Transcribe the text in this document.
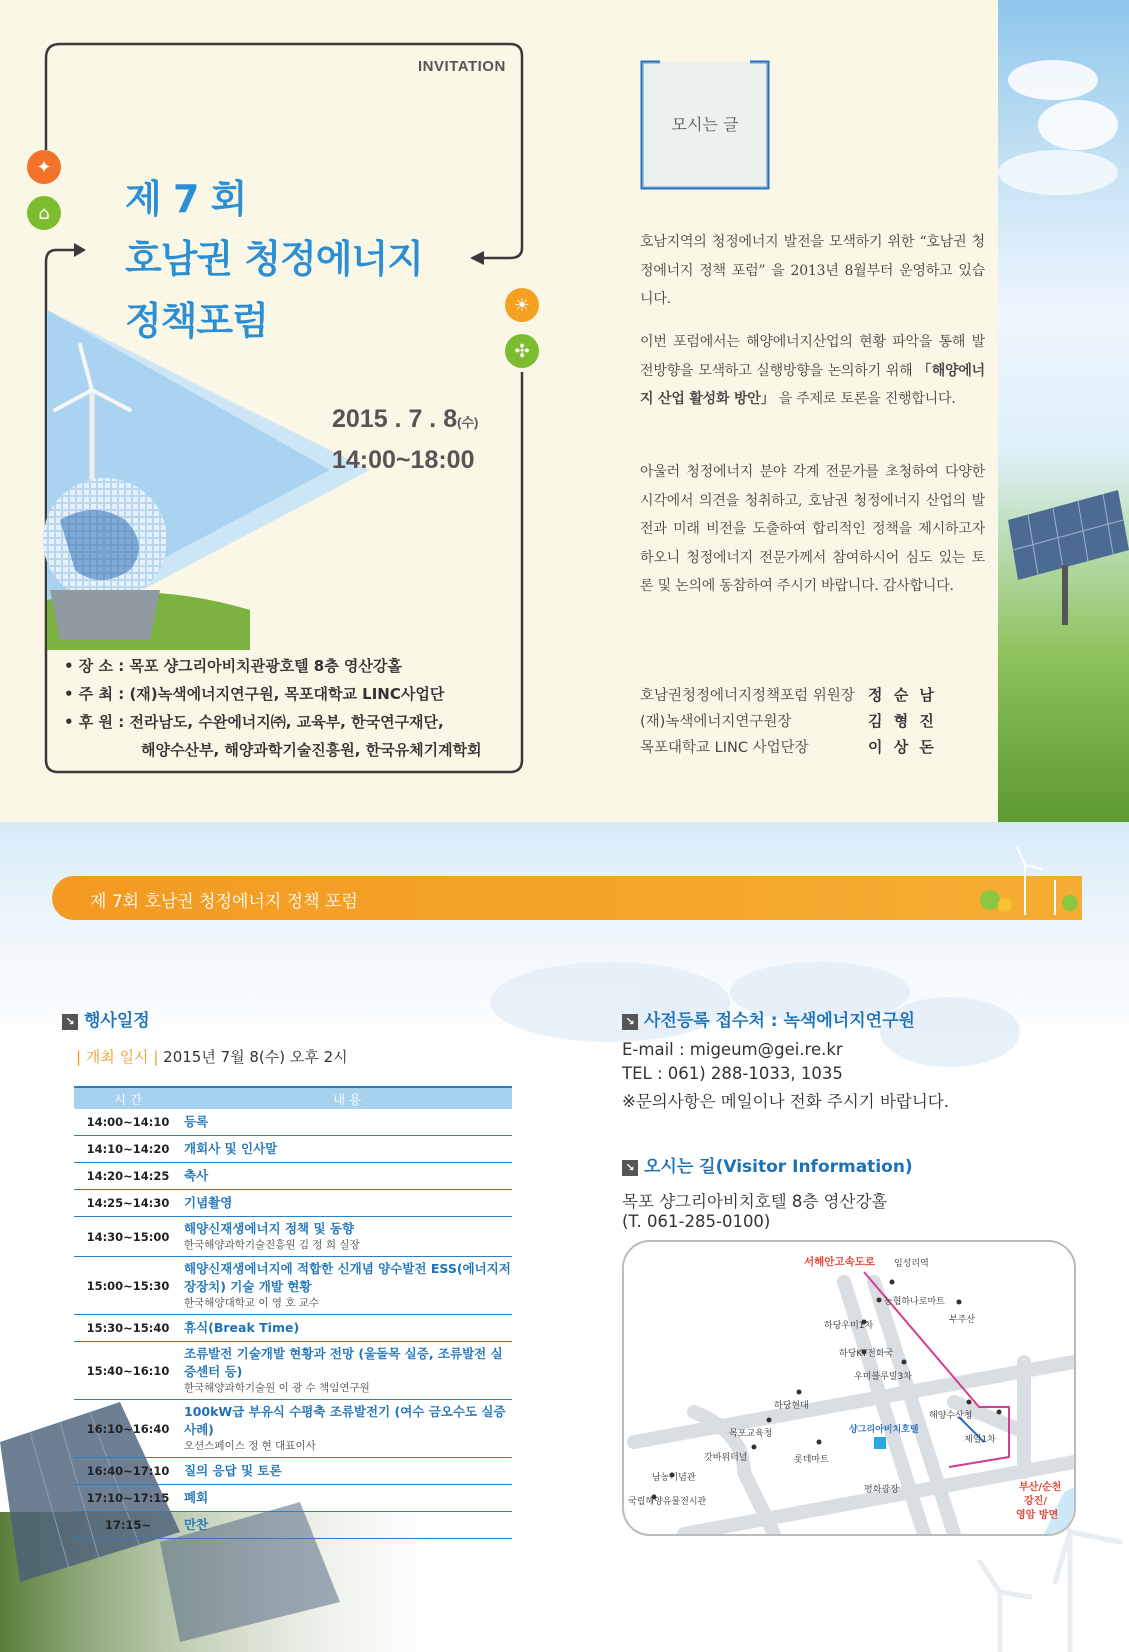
✦
⌂
☀
✣
INVITATION
제 7 회
호남권 청정에너지
정책포럼
2015 . 7 . 8(수)
14:00~18:00
• 장 소 : 목포 샹그리아비치관광호텔 8층 영산강홀
• 주 최 : (재)녹색에너지연구원, 목포대학교 LINC사업단
• 후 원 : 전라남도, 수완에너지㈜, 교육부, 한국연구재단,
해양수산부, 해양과학기술진흥원, 한국유체기계학회
모시는 글
호남지역의 청정에너지 발전을 모색하기 위한 “호남권 청정에너지 정책 포럼” 을 2013년 8월부터 운영하고 있습니다.
이번 포럼에서는 해양에너지산업의 현황 파악을 통해 발전방향을 모색하고 실행방향을 논의하기 위해 「해양에너지 산업 활성화 방안」 을 주제로 토론을 진행합니다.
아울러 청정에너지 분야 각계 전문가를 초청하여 다양한 시각에서 의견을 청취하고, 호남권 청정에너지 산업의 발전과 미래 비전을 도출하여 합리적인 정책을 제시하고자 하오니 청정에너지 전문가께서 참여하시어 심도 있는 토론 및 논의에 동참하여 주시기 바랍니다. 감사합니다.
호남권청정에너지정책포럼 위원장 정 순 남
(재)녹색에너지연구원장	김 형 진
목포대학교 LINC 사업단장	이 상 돈
제 7회 호남권 청정에너지 정책 포럼
↘ 행사일정
| 개최 일시 | 2015년 7월 8(수) 오후 2시
시 간	내 용
14:00~14:10	등록
14:10~14:20	개회사 및 인사말
14:20~14:25	축사
14:25~14:30	기념촬영
14:30~15:00	해양신재생에너지 정책 및 동향
한국해양과학기술진흥원 김 정 희 실장

15:00~15:30	해양신재생에너지에 적합한 신개념 양수발전 ESS(에너지저장장치) 기술 개발 현황
한국해양대학교 이 영 호 교수

15:30~15:40	휴식(Break Time)
15:40~16:10	조류발전 기술개발 현황과 전망 (울돌목 실증, 조류발전 실증센터 등)
한국해양과학기술원 이 광 수 책임연구원

16:10~16:40	100kW급 부유식 수평축 조류발전기 (여수 금오수도 실증사례)
오션스페이스 정 현 대표이사

16:40~17:10	질의 응답 및 토론
17:10~17:15	폐회
17:15~	만찬
↘ 사전등록 접수처 : 녹색에너지연구원
E-mail : migeum@gei.re.kr
TEL : 061) 288-1033, 1035
※문의사항은 메일이나 전화 주시기 바랍니다.
↘ 오시는 길(Visitor Information)
목포 샹그리아비치호텔 8층 영산강홀
(T. 061-285-0100)
서해안고속도로 임성리역
농협하나로마트
부주산
하당우미1차
하당KT전화국
우미블루빌3차
하당현대
해양수산청
제일1차
목포교육청
갓바위터널	롯데마트
샹그리아비치호텔
남농기념관
국립해양유물전시관
평화광장	부산/순천
강진/
영암 방면
